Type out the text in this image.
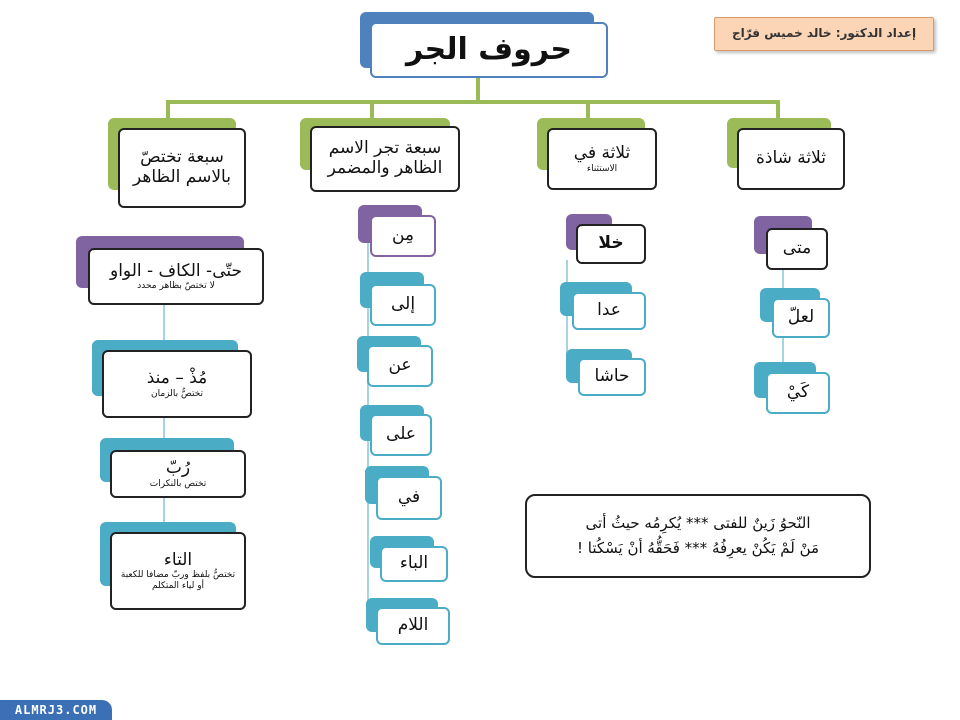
إعداد الدكتور: خالد خميس فرّاج
حروف الجر
سبعة تختصّ بالاسم الظاهر
حتّى- الكاف - الواو
لا تختصّ بظاهر محدد
مُذْ – منذ
تختصُّ بالزمان
رُبّ
تختص بالنكرات
التاء
تختصُّ بلفظ وربّ مضافا للكعبة أو لياء المتكلم
سبعة تجر الاسم الظاهر والمضمر
مِن
إلى
عن
على
في
الباء
اللام
ثلاثة في
الاستثناء
خلا
عدا
حاشا
ثلاثة شاذة
متى
لعلّ
كَيْ
النّحوُ زَينٌ للفتى *** يُكرِمُه حيثُ أتى
مَنْ لَمْ يَكُنْ يعرِفُهُ *** فَحَقُّهُ أنْ يَسْكُتا !
ALMRJ3.COM
